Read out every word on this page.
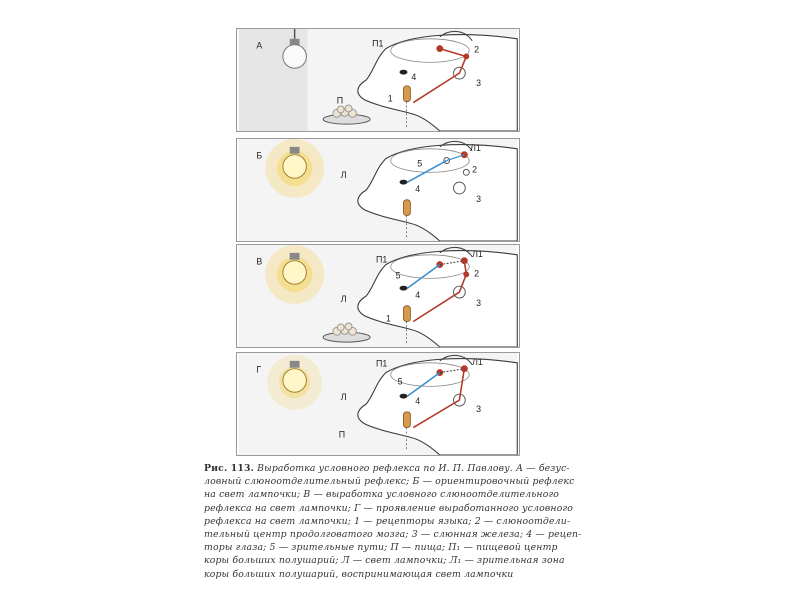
А	П1
2
3
4
1
П
Б
Л
Л1
2
3
4
5
В
Л
П1
Л1
2
3
4
5
1
Г
Л
П1	Л1
3
4
5
П

Рис. 113. Выработка условного рефлекса по И. П. Павлову. А — безус-

ловный слюноотделительный рефлекс; Б — ориентировочный рефлекс

на свет лампочки; В — выработка условного слюноотделительного

рефлекса на свет лампочки; Г — проявление выработанного условного

рефлекса на свет лампочки; 1 — рецепторы языка; 2 — слюноотдели-

тельный центр продолговатого мозга; 3 — слюнная железа; 4 — рецеп-

торы глаза; 5 — зрительные пути; П — пища; П₁ — пищевой центр

коры больших полушарий; Л — свет лампочки; Л₁ — зрительная зона

коры больших полушарий, воспринимающая свет лампочки
